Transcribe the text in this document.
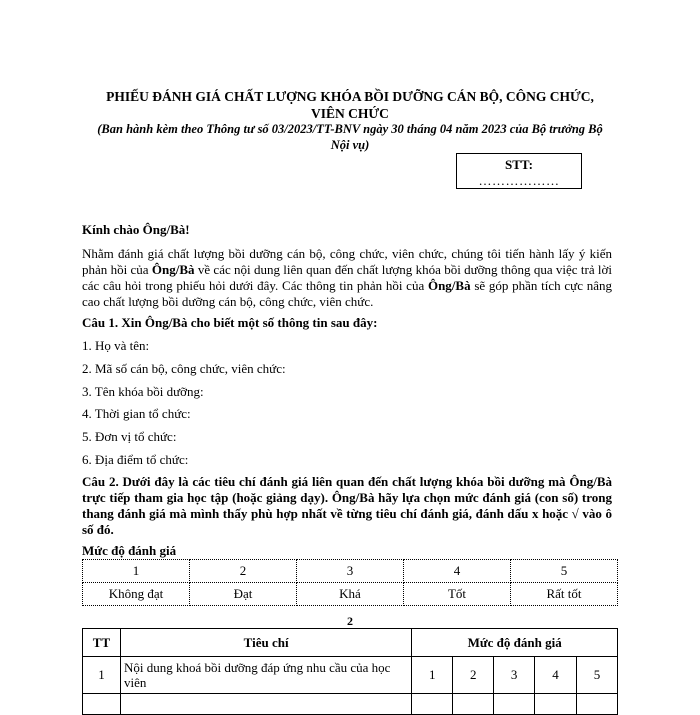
PHIẾU ĐÁNH GIÁ CHẤT LƯỢNG KHÓA BỒI DƯỠNG CÁN BỘ, CÔNG CHỨC, VIÊN CHỨC
(Ban hành kèm theo Thông tư số 03/2023/TT-BNV ngày 30 tháng 04 năm 2023 của Bộ trưởng Bộ Nội vụ)
STT:
………………
Kính chào Ông/Bà!
Nhằm đánh giá chất lượng bồi dưỡng cán bộ, công chức, viên chức, chúng tôi tiến hành lấy ý kiến phản hồi của Ông/Bà về các nội dung liên quan đến chất lượng khóa bồi dưỡng thông qua việc trả lời các câu hỏi trong phiếu hỏi dưới đây. Các thông tin phản hồi của Ông/Bà sẽ góp phần tích cực nâng cao chất lượng bồi dưỡng cán bộ, công chức, viên chức.
Câu 1. Xin Ông/Bà cho biết một số thông tin sau đây:
1. Họ và tên:
2. Mã số cán bộ, công chức, viên chức:
3. Tên khóa bồi dưỡng:
4. Thời gian tổ chức:
5. Đơn vị tổ chức:
6. Địa điểm tổ chức:
Câu 2. Dưới đây là các tiêu chí đánh giá liên quan đến chất lượng khóa bồi dưỡng mà Ông/Bà trực tiếp tham gia học tập (hoặc giảng dạy). Ông/Bà hãy lựa chọn mức đánh giá (con số) trong thang đánh giá mà mình thấy phù hợp nhất về từng tiêu chí đánh giá, đánh dấu x hoặc √ vào ô số đó.
Mức độ đánh giá
1	2	3	4	5
Không đạt	Đạt	Khá	Tốt	Rất tốt
2
TT	Tiêu chí	Mức độ đánh giá				
1	Nội dung khoá bồi dưỡng đáp ứng nhu cầu của học viên	1	2	3	4	5
